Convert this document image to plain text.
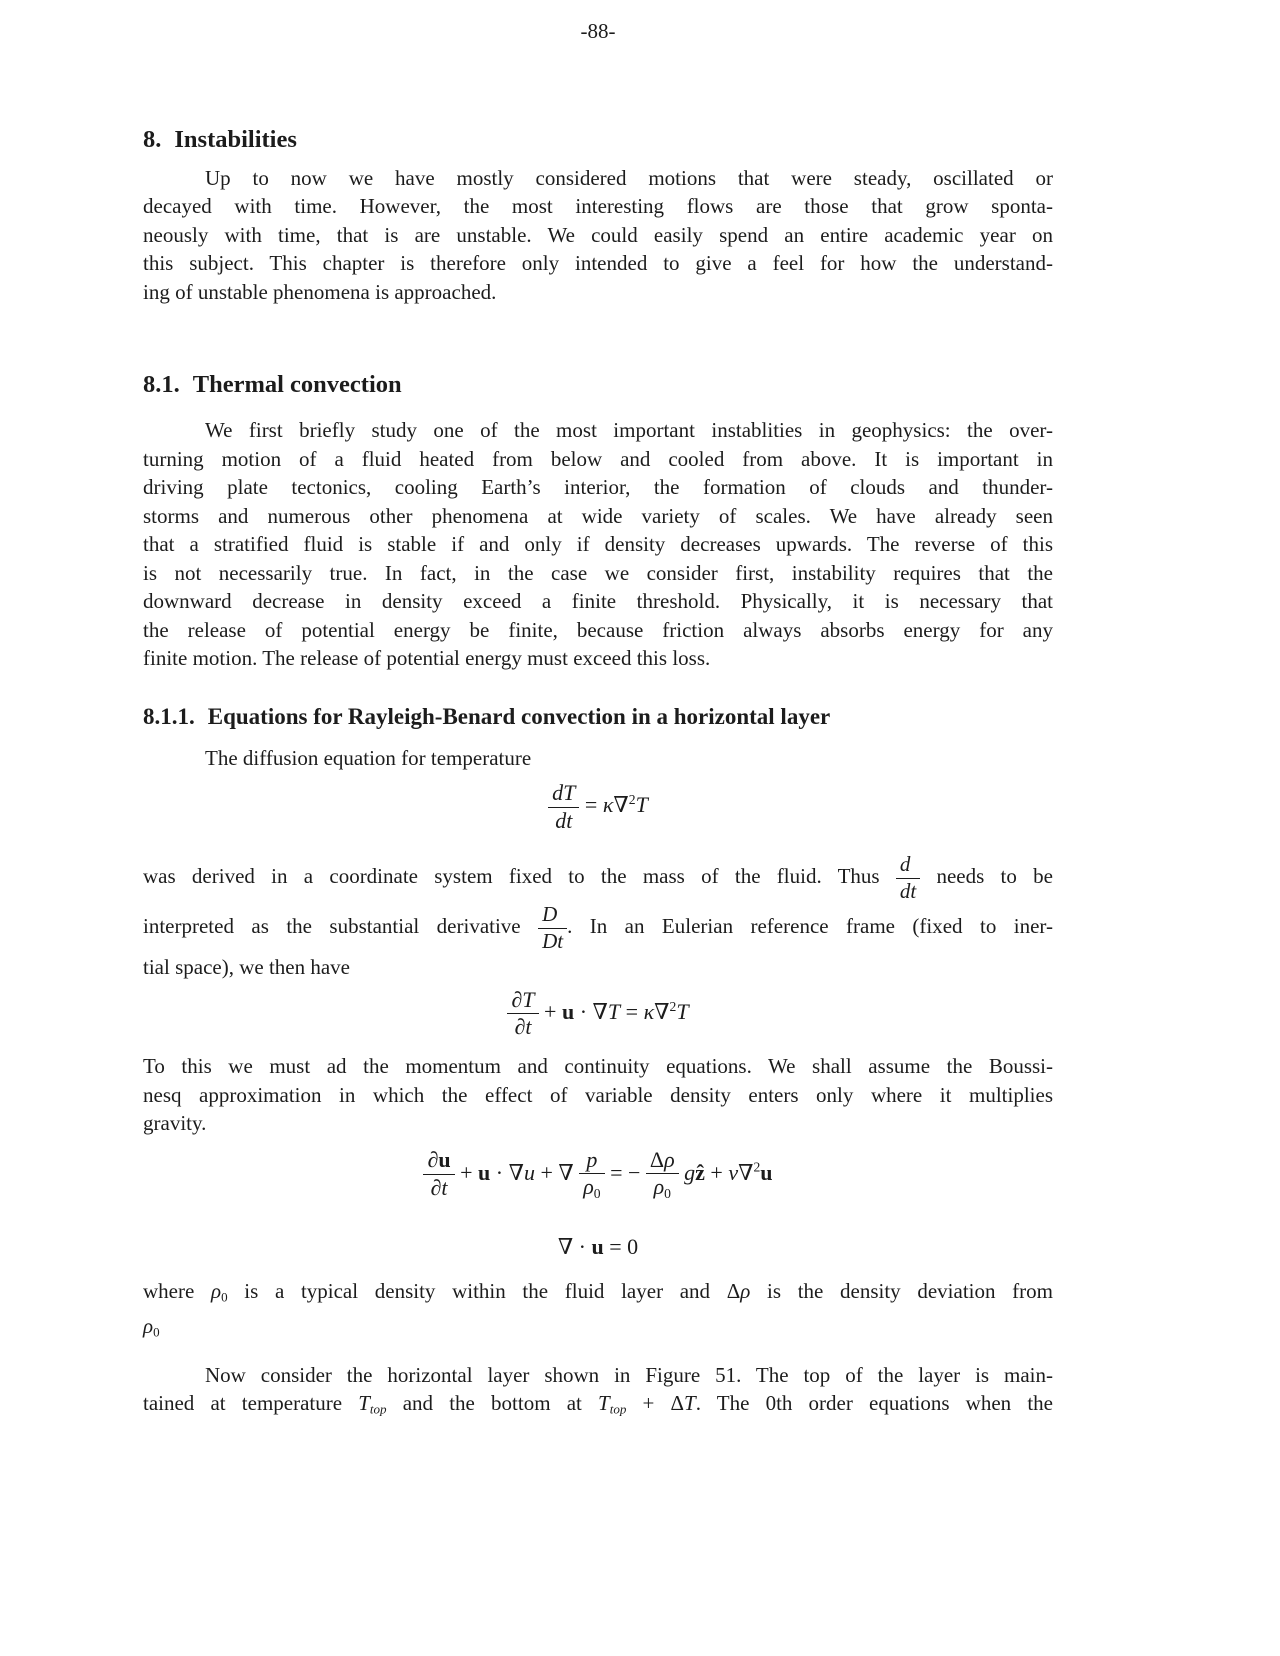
-88-
8. Instabilities
Up to now we have mostly considered motions that were steady, oscillated or
decayed with time. However, the most interesting flows are those that grow sponta-
neously with time, that is are unstable. We could easily spend an entire academic year on
this subject. This chapter is therefore only intended to give a feel for how the understand-
ing of unstable phenomena is approached.
8.1. Thermal convection
We first briefly study one of the most important instablities in geophysics: the over-
turning motion of a fluid heated from below and cooled from above. It is important in
driving plate tectonics, cooling Earth’s interior, the formation of clouds and thunder-
storms and numerous other phenomena at wide variety of scales. We have already seen
that a stratified fluid is stable if and only if density decreases upwards. The reverse of this
is not necessarily true. In fact, in the case we consider first, instability requires that the
downward decrease in density exceed a finite threshold. Physically, it is necessary that
the release of potential energy be finite, because friction always absorbs energy for any
finite motion. The release of potential energy must exceed this loss.
8.1.1. Equations for Rayleigh-Benard convection in a horizontal layer
The diffusion equation for temperature
$\frac{dT}{dt} = \kappa\nabla^2T$
was derived in a coordinate system fixed to the mass of the fluid. Thus $\frac{d}{dt}$ needs to be
interpreted as the substantial derivative $\frac{D}{Dt}$ . In an Eulerian reference frame (fixed to iner-
tial space), we then have
$\frac{\partial T}{\partial t} + u \cdot \nabla T = \kappa\nabla^2T$
To this we must ad the momentum and continuity equations. We shall assume the Boussi-
nesq approximation in which the effect of variable density enters only where it multiplies
gravity.
$\frac{\partial u}{\partial t} + u \cdot \nabla u$ + ∇ $\frac{p}{\rho 0}$ = − $\frac{\Delta\rho}{\rho 0}$ gẑ + ν∇$^2$u
∇ · u = 0
where ρ0 is a typical density within the fluid layer and Δρ is the density deviation from
ρ0
Now consider the horizontal layer shown in Figure 51. The top of the layer is main-
tained at temperature Ttop and the bottom at Ttop + ΔT. The 0th order equations when the
